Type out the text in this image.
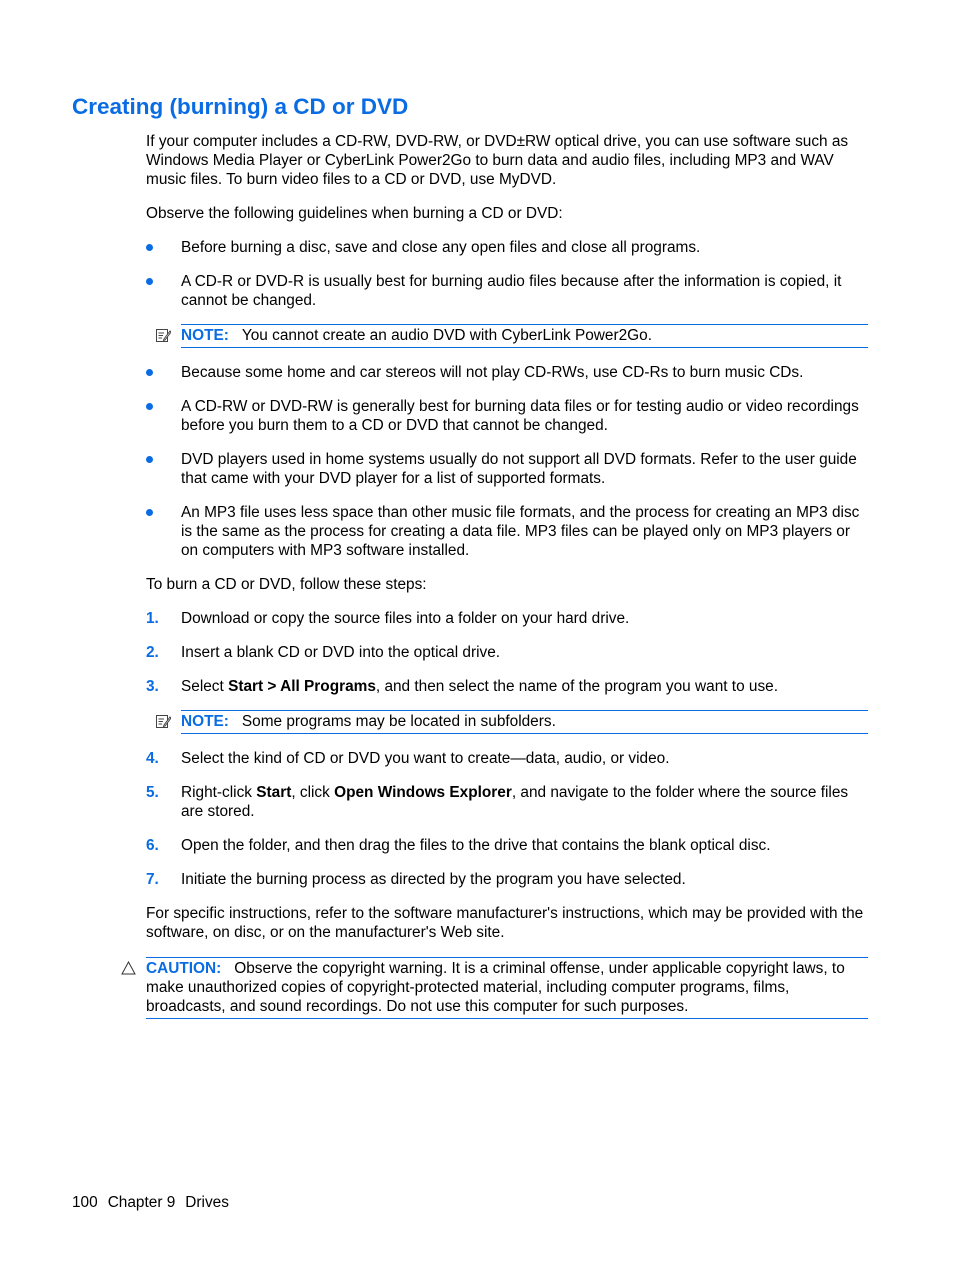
Creating (burning) a CD or DVD

If your computer includes a CD-RW, DVD-RW, or DVD±RW optical drive, you can use software such as Windows Media Player or CyberLink Power2Go to burn data and audio files, including MP3 and WAV music files. To burn video files to a CD or DVD, use MyDVD.

Observe the following guidelines when burning a CD or DVD:

Before burning a disc, save and close any open files and close all programs.
A CD-R or DVD-R is usually best for burning audio files because after the information is copied, it cannot be changed.
NOTE: You cannot create an audio DVD with CyberLink Power2Go.
Because some home and car stereos will not play CD-RWs, use CD-Rs to burn music CDs.
A CD-RW or DVD-RW is generally best for burning data files or for testing audio or video recordings before you burn them to a CD or DVD that cannot be changed.
DVD players used in home systems usually do not support all DVD formats. Refer to the user guide that came with your DVD player for a list of supported formats.
An MP3 file uses less space than other music file formats, and the process for creating an MP3 disc is the same as the process for creating a data file. MP3 files can be played only on MP3 players or on computers with MP3 software installed.

To burn a CD or DVD, follow these steps:

1. Download or copy the source files into a folder on your hard drive.
2. Insert a blank CD or DVD into the optical drive.
3. Select Start > All Programs, and then select the name of the program you want to use.
NOTE: Some programs may be located in subfolders.
4. Select the kind of CD or DVD you want to create—data, audio, or video.
5. Right-click Start, click Open Windows Explorer, and navigate to the folder where the source files are stored.
6. Open the folder, and then drag the files to the drive that contains the blank optical disc.
7. Initiate the burning process as directed by the program you have selected.

For specific instructions, refer to the software manufacturer's instructions, which may be provided with the software, on disc, or on the manufacturer's Web site.

CAUTION: Observe the copyright warning. It is a criminal offense, under applicable copyright laws, to make unauthorized copies of copyright-protected material, including computer programs, films, broadcasts, and sound recordings. Do not use this computer for such purposes.
100 Chapter 9 Drives
